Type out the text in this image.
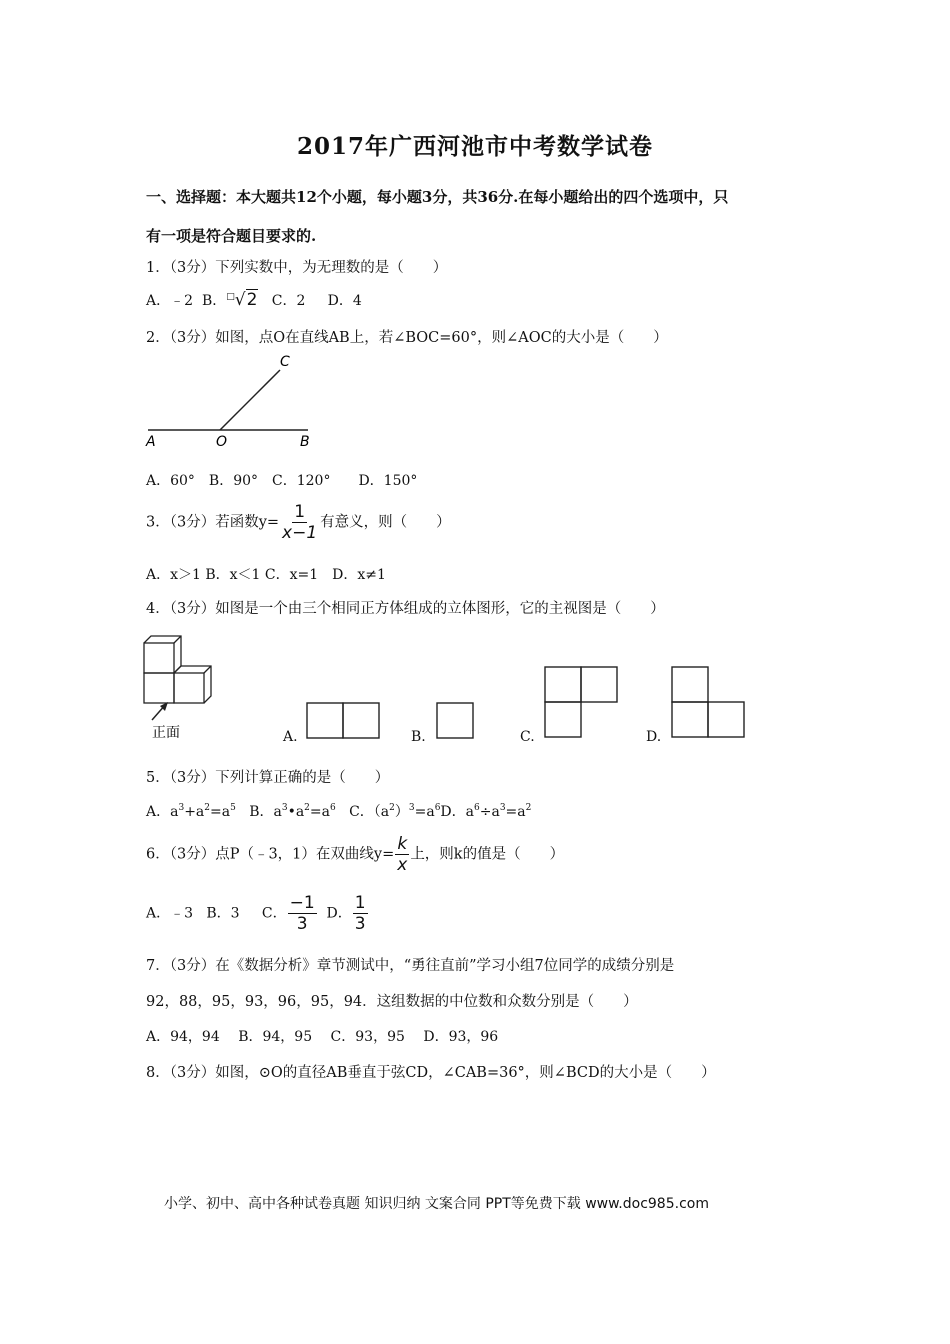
2017年广西河池市中考数学试卷
一、选择题：本大题共12个小题，每小题3分，共36分.在每小题给出的四个选项中，只
有一项是符合题目要求的.
1．（3分）下列实数中，为无理数的是（　　）
A．﹣2 B．□√2 C．2 D．4
2．（3分）如图，点O在直线AB上，若∠BOC=60°，则∠AOC的大小是（　　）
A	O	B
C
A．60°　B．90°　C．120°　　D．150°
3．（3分）若函数$y= \frac{1}{x-1}$ 有意义，则（　　）
A．x＞1 B．x＜1 C．x=1　D．x≠1
4．（3分）如图是一个由三个相同正方体组成的立体图形，它的主视图是（　　）
正面	A.	B.	C.	D.
5．（3分）下列计算正确的是（　　）
A．$a^3+a^2=a^5$ B．$a^3•a^2=a^6$ C．$(a^2)^3=a^6D$．$a^6\div a^3=a^2$
6．（3分）点P（﹣3，1）在双曲线$y= \frac{k}{x}$ 上，则k的值是（　　）
A．﹣3 B．3 C． $\frac{-1}{3}$ D． $\frac{1}{3}$
7．（3分）在《数据分析》章节测试中，“勇往直前”学习小组7位同学的成绩分别是
92，88，95，93，96，95，94．这组数据的中位数和众数分别是（　　）
A．94，94　 B．94，95　 C．93，95　 D．93，96
8．（3分）如图，⊙O的直径AB垂直于弦CD，∠CAB=36°，则∠BCD的大小是（　　）
小学、初中、高中各种试卷真题 知识归纳 文案合同 PPT等免费下载 www.doc985.com
